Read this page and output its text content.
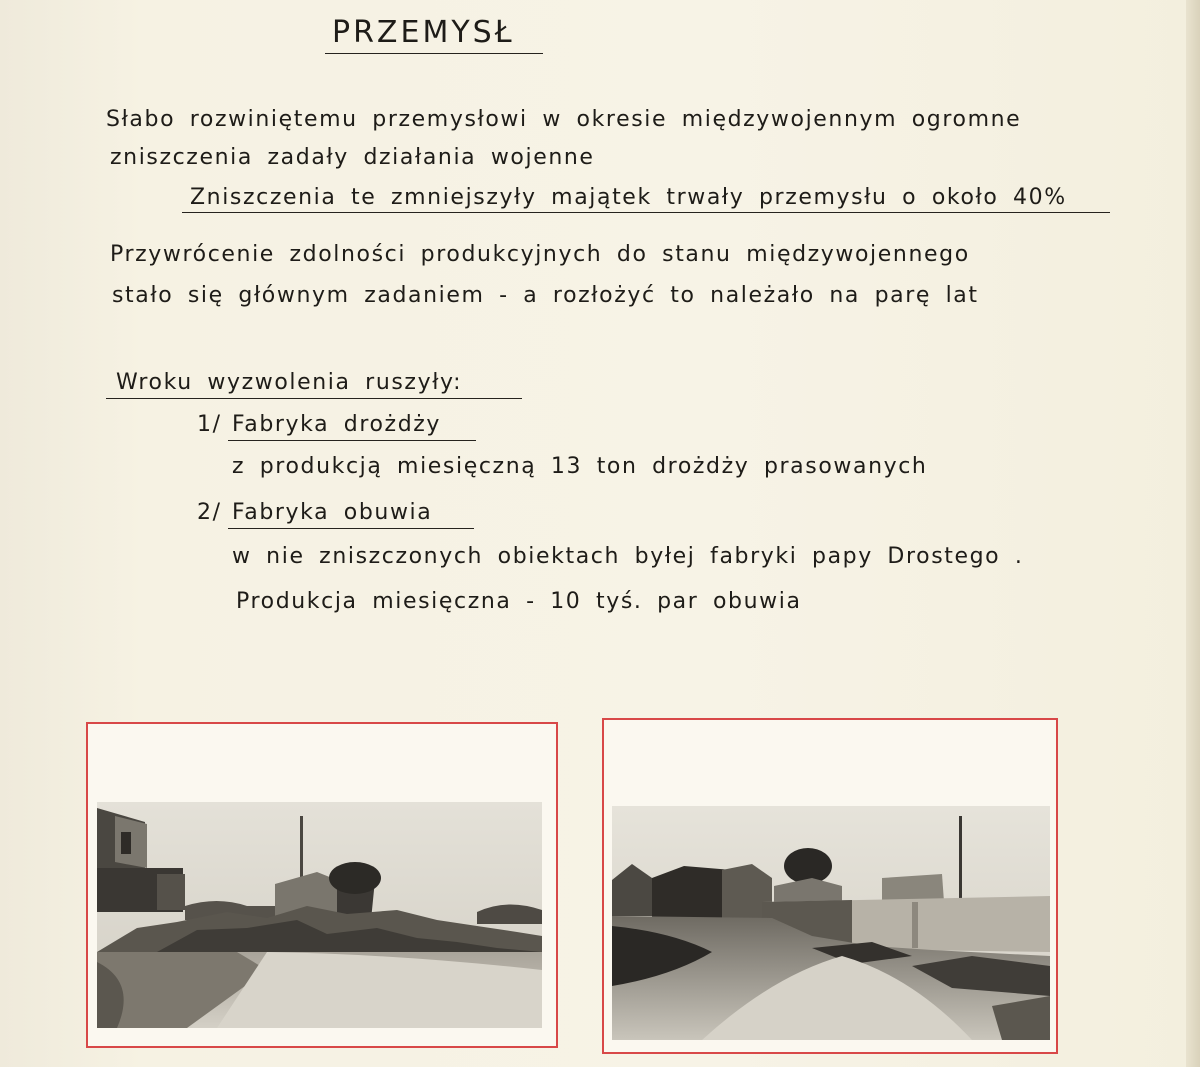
PRZEMYSŁ
Słabo rozwiniętemu przemysłowi w okresie międzywojennym ogromne
zniszczenia zadały działania wojenne
Zniszczenia te zmniejszyły majątek trwały przemysłu o około 40%
Przywrócenie zdolności produkcyjnych do stanu międzywojennego
stało się głównym zadaniem - a rozłożyć to należało na parę lat
Wroku wyzwolenia ruszyły:
1/ Fabryka drożdży
z produkcją miesięczną 13 ton drożdży prasowanych
2/ Fabryka obuwia
w nie zniszczonych obiektach byłej fabryki papy Drostego .
Produkcja miesięczna - 10 tyś. par obuwia
